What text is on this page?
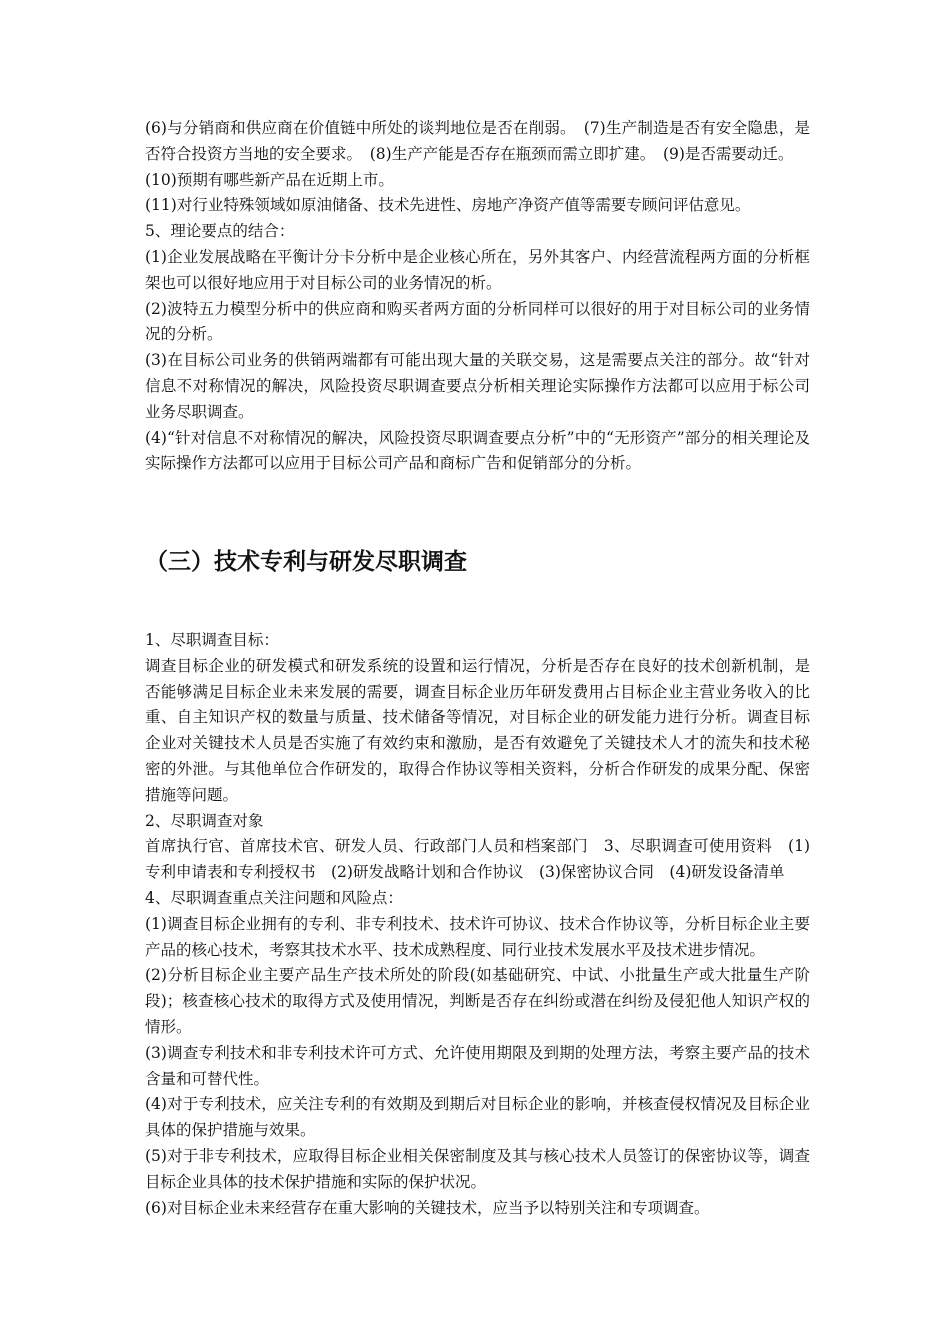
(6)与分销商和供应商在价值链中所处的谈判地位是否在削弱。　(7)生产制造是否有安全隐患，是否符合投资方当地的安全要求。　(8)生产产能是否存在瓶颈而需立即扩建。　(9)是否需要动迁。

(10)预期有哪些新产品在近期上市。

(11)对行业特殊领域如原油储备、技术先进性、房地产净资产值等需要专顾问评估意见。

5、理论要点的结合：

(1)企业发展战略在平衡计分卡分析中是企业核心所在，另外其客户、内经营流程两方面的分析框架也可以很好地应用于对目标公司的业务情况的析。

(2)波特五力模型分析中的供应商和购买者两方面的分析同样可以很好的用于对目标公司的业务情况的分析。

(3)在目标公司业务的供销两端都有可能出现大量的关联交易，这是需要点关注的部分。故“针对信息不对称情况的解决，风险投资尽职调查要点分析相关理论实际操作方法都可以应用于标公司业务尽职调查。

(4)“针对信息不对称情况的解决，风险投资尽职调查要点分析”中的“无形资产”部分的相关理论及实际操作方法都可以应用于目标公司产品和商标广告和促销部分的分析。

（三）技术专利与研发尽职调查

1、尽职调查目标：

调查目标企业的研发模式和研发系统的设置和运行情况，分析是否存在良好的技术创新机制，是否能够满足目标企业未来发展的需要，调查目标企业历年研发费用占目标企业主营业务收入的比重、自主知识产权的数量与质量、技术储备等情况，对目标企业的研发能力进行分析。调查目标企业对关键技术人员是否实施了有效约束和激励，是否有效避免了关键技术人才的流失和技术秘密的外泄。与其他单位合作研发的，取得合作协议等相关资料，分析合作研发的成果分配、保密措施等问题。

2、尽职调查对象

首席执行官、首席技术官、研发人员、行政部门人员和档案部门　3、尽职调查可使用资料　(1)专利申请表和专利授权书　(2)研发战略计划和合作协议　(3)保密协议合同　(4)研发设备清单

4、尽职调查重点关注问题和风险点：

(1)调查目标企业拥有的专利、非专利技术、技术许可协议、技术合作协议等，分析目标企业主要产品的核心技术，考察其技术水平、技术成熟程度、同行业技术发展水平及技术进步情况。

(2)分析目标企业主要产品生产技术所处的阶段(如基础研究、中试、小批量生产或大批量生产阶段)；核查核心技术的取得方式及使用情况，判断是否存在纠纷或潜在纠纷及侵犯他人知识产权的情形。

(3)调查专利技术和非专利技术许可方式、允许使用期限及到期的处理方法，考察主要产品的技术含量和可替代性。

(4)对于专利技术，应关注专利的有效期及到期后对目标企业的影响，并核查侵权情况及目标企业具体的保护措施与效果。

(5)对于非专利技术，应取得目标企业相关保密制度及其与核心技术人员签订的保密协议等，调查目标企业具体的技术保护措施和实际的保护状况。

(6)对目标企业未来经营存在重大影响的关键技术，应当予以特别关注和专项调查。
